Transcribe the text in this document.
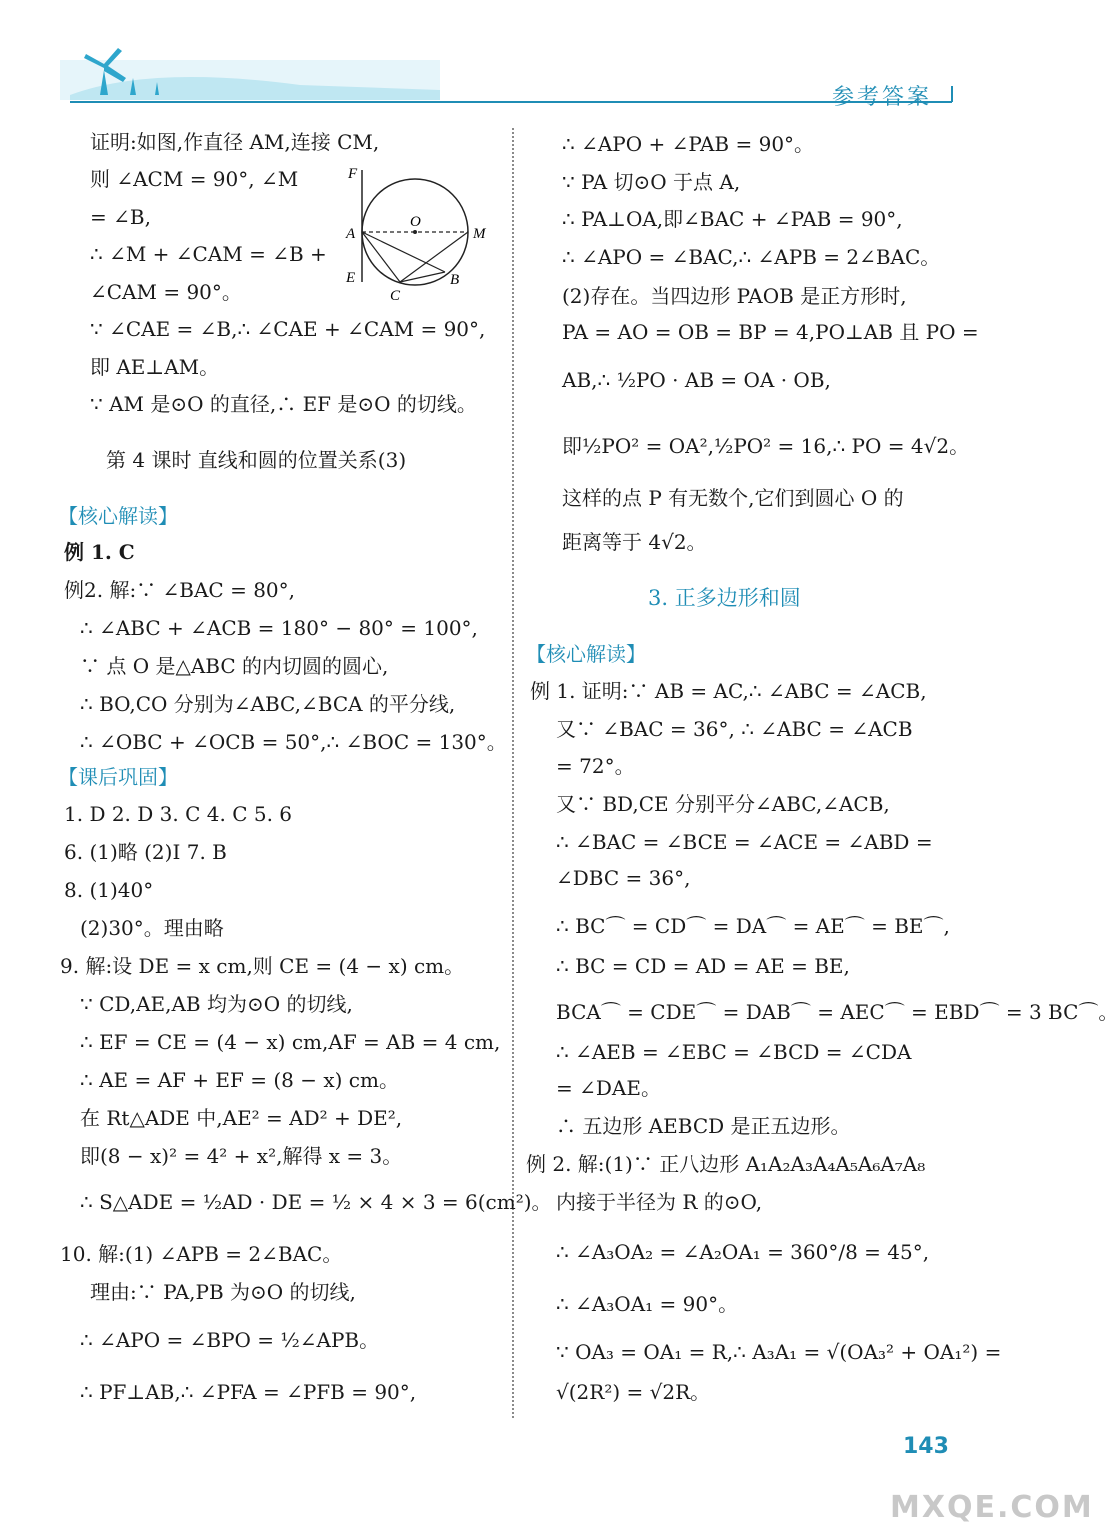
参考答案
证明:如图,作直径 AM,连接 CM,
则 ∠ACM = 90°, ∠M
= ∠B,
∴ ∠M + ∠CAM = ∠B +
∠CAM = 90°。
∵ ∠CAE = ∠B,∴ ∠CAE + ∠CAM = 90°,
即 AE⊥AM。
∵ AM 是⊙O 的直径,∴ EF 是⊙O 的切线。
F
A
E
O
M
C
B
第 4 课时 直线和圆的位置关系(3)
【核心解读】
例 1. C
例2. 解:∵ ∠BAC = 80°,
∴ ∠ABC + ∠ACB = 180° − 80° = 100°,
∵ 点 O 是△ABC 的内切圆的圆心,
∴ BO,CO 分别为∠ABC,∠BCA 的平分线,
∴ ∠OBC + ∠OCB = 50°,∴ ∠BOC = 130°。
【课后巩固】
1. D 2. D 3. C 4. C 5. 6
6. (1)略 (2)I 7. B
8. (1)40°
(2)30°。理由略
9. 解:设 DE = x cm,则 CE = (4 − x) cm。
∵ CD,AE,AB 均为⊙O 的切线,
∴ EF = CE = (4 − x) cm,AF = AB = 4 cm,
∴ AE = AF + EF = (8 − x) cm。
在 Rt△ADE 中,AE² = AD² + DE²,
即(8 − x)² = 4² + x²,解得 x = 3。
∴ S△ADE = ½AD · DE = ½ × 4 × 3 = 6(cm²)。
10. 解:(1) ∠APB = 2∠BAC。
理由:∵ PA,PB 为⊙O 的切线,
∴ ∠APO = ∠BPO = ½∠APB。
∴ PF⊥AB,∴ ∠PFA = ∠PFB = 90°,
∴ ∠APO + ∠PAB = 90°。
∵ PA 切⊙O 于点 A,
∴ PA⊥OA,即∠BAC + ∠PAB = 90°,
∴ ∠APO = ∠BAC,∴ ∠APB = 2∠BAC。
(2)存在。当四边形 PAOB 是正方形时,
PA = AO = OB = BP = 4,PO⊥AB 且 PO =
AB,∴ ½PO · AB = OA · OB,
即½PO² = OA²,½PO² = 16,∴ PO = 4√2。
这样的点 P 有无数个,它们到圆心 O 的
距离等于 4√2。
3. 正多边形和圆
【核心解读】
例 1. 证明:∵ AB = AC,∴ ∠ABC = ∠ACB,
又∵ ∠BAC = 36°, ∴ ∠ABC = ∠ACB
= 72°。
又∵ BD,CE 分别平分∠ABC,∠ACB,
∴ ∠BAC = ∠BCE = ∠ACE = ∠ABD =
∠DBC = 36°,
∴ BC⌒ = CD⌒ = DA⌒ = AE⌒ = BE⌒,
∴ BC = CD = AD = AE = BE,
BCA⌒ = CDE⌒ = DAB⌒ = AEC⌒ = EBD⌒ = 3 BC⌒。
∴ ∠AEB = ∠EBC = ∠BCD = ∠CDA
= ∠DAE。
∴ 五边形 AEBCD 是正五边形。
例 2. 解:(1)∵ 正八边形 A₁A₂A₃A₄A₅A₆A₇A₈
内接于半径为 R 的⊙O,
∴ ∠A₃OA₂ = ∠A₂OA₁ = 360°/8 = 45°,
∴ ∠A₃OA₁ = 90°。
∵ OA₃ = OA₁ = R,∴ A₃A₁ = √(OA₃² + OA₁²) =
√(2R²) = √2R。
143
MXQE.COM
